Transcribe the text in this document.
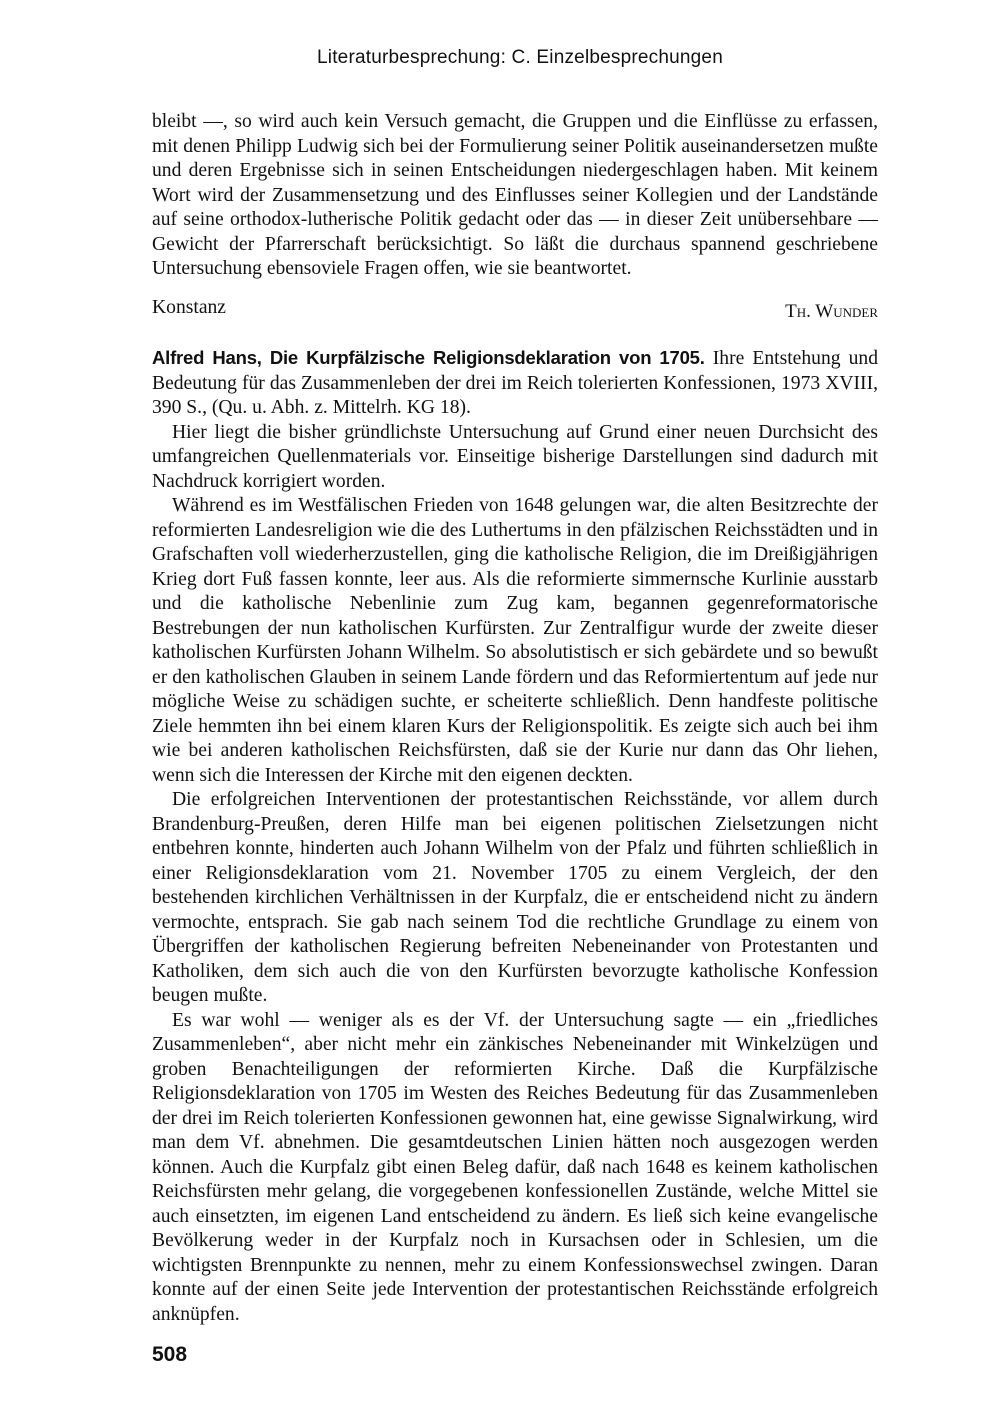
Literaturbesprechung: C. Einzelbesprechungen

bleibt —, so wird auch kein Versuch gemacht, die Gruppen und die Einflüsse zu erfassen, mit denen Philipp Ludwig sich bei der Formulierung seiner Politik auseinandersetzen mußte und deren Ergebnisse sich in seinen Entscheidungen niedergeschlagen haben. Mit keinem Wort wird der Zusammensetzung und des Einflusses seiner Kollegien und der Landstände auf seine orthodox-lutherische Politik gedacht oder das — in dieser Zeit unübersehbare — Gewicht der Pfarrerschaft berücksichtigt. So läßt die durchaus spannend geschriebene Untersuchung ebensoviele Fragen offen, wie sie beantwortet.

Konstanz	Th. Wunder

Alfred Hans, Die Kurpfälzische Religionsdeklaration von 1705. Ihre Entstehung und Bedeutung für das Zusammenleben der drei im Reich tolerierten Konfessionen, 1973 XVIII, 390 S., (Qu. u. Abh. z. Mittelrh. KG 18).

Hier liegt die bisher gründlichste Untersuchung auf Grund einer neuen Durchsicht des umfangreichen Quellenmaterials vor. Einseitige bisherige Darstellungen sind dadurch mit Nachdruck korrigiert worden.

Während es im Westfälischen Frieden von 1648 gelungen war, die alten Besitzrechte der reformierten Landesreligion wie die des Luthertums in den pfälzischen Reichsstädten und in Grafschaften voll wiederherzustellen, ging die katholische Religion, die im Dreißigjährigen Krieg dort Fuß fassen konnte, leer aus. Als die reformierte simmernsche Kurlinie ausstarb und die katholische Nebenlinie zum Zug kam, begannen gegenreformatorische Bestrebungen der nun katholischen Kurfürsten. Zur Zentralfigur wurde der zweite dieser katholischen Kurfürsten Johann Wilhelm. So absolutistisch er sich gebärdete und so bewußt er den katholischen Glauben in seinem Lande fördern und das Reformiertentum auf jede nur mögliche Weise zu schädigen suchte, er scheiterte schließlich. Denn handfeste politische Ziele hemmten ihn bei einem klaren Kurs der Religionspolitik. Es zeigte sich auch bei ihm wie bei anderen katholischen Reichsfürsten, daß sie der Kurie nur dann das Ohr liehen, wenn sich die Interessen der Kirche mit den eigenen deckten.

Die erfolgreichen Interventionen der protestantischen Reichsstände, vor allem durch Brandenburg-Preußen, deren Hilfe man bei eigenen politischen Zielsetzungen nicht entbehren konnte, hinderten auch Johann Wilhelm von der Pfalz und führten schließlich in einer Religionsdeklaration vom 21. November 1705 zu einem Vergleich, der den bestehenden kirchlichen Verhältnissen in der Kurpfalz, die er entscheidend nicht zu ändern vermochte, entsprach. Sie gab nach seinem Tod die rechtliche Grundlage zu einem von Übergriffen der katholischen Regierung befreiten Nebeneinander von Protestanten und Katholiken, dem sich auch die von den Kurfürsten bevorzugte katholische Konfession beugen mußte.

Es war wohl — weniger als es der Vf. der Untersuchung sagte — ein „friedliches Zusammenleben“, aber nicht mehr ein zänkisches Nebeneinander mit Winkelzügen und groben Benachteiligungen der reformierten Kirche. Daß die Kurpfälzische Religionsdeklaration von 1705 im Westen des Reiches Bedeutung für das Zusammenleben der drei im Reich tolerierten Konfessionen gewonnen hat, eine gewisse Signalwirkung, wird man dem Vf. abnehmen. Die gesamtdeutschen Linien hätten noch ausgezogen werden können. Auch die Kurpfalz gibt einen Beleg dafür, daß nach 1648 es keinem katholischen Reichsfürsten mehr gelang, die vorgegebenen konfessionellen Zustände, welche Mittel sie auch einsetzten, im eigenen Land entscheidend zu ändern. Es ließ sich keine evangelische Bevölkerung weder in der Kurpfalz noch in Kursachsen oder in Schlesien, um die wichtigsten Brennpunkte zu nennen, mehr zu einem Konfessionswechsel zwingen. Daran konnte auf der einen Seite jede Intervention der protestantischen Reichsstände erfolgreich anknüpfen.

508
